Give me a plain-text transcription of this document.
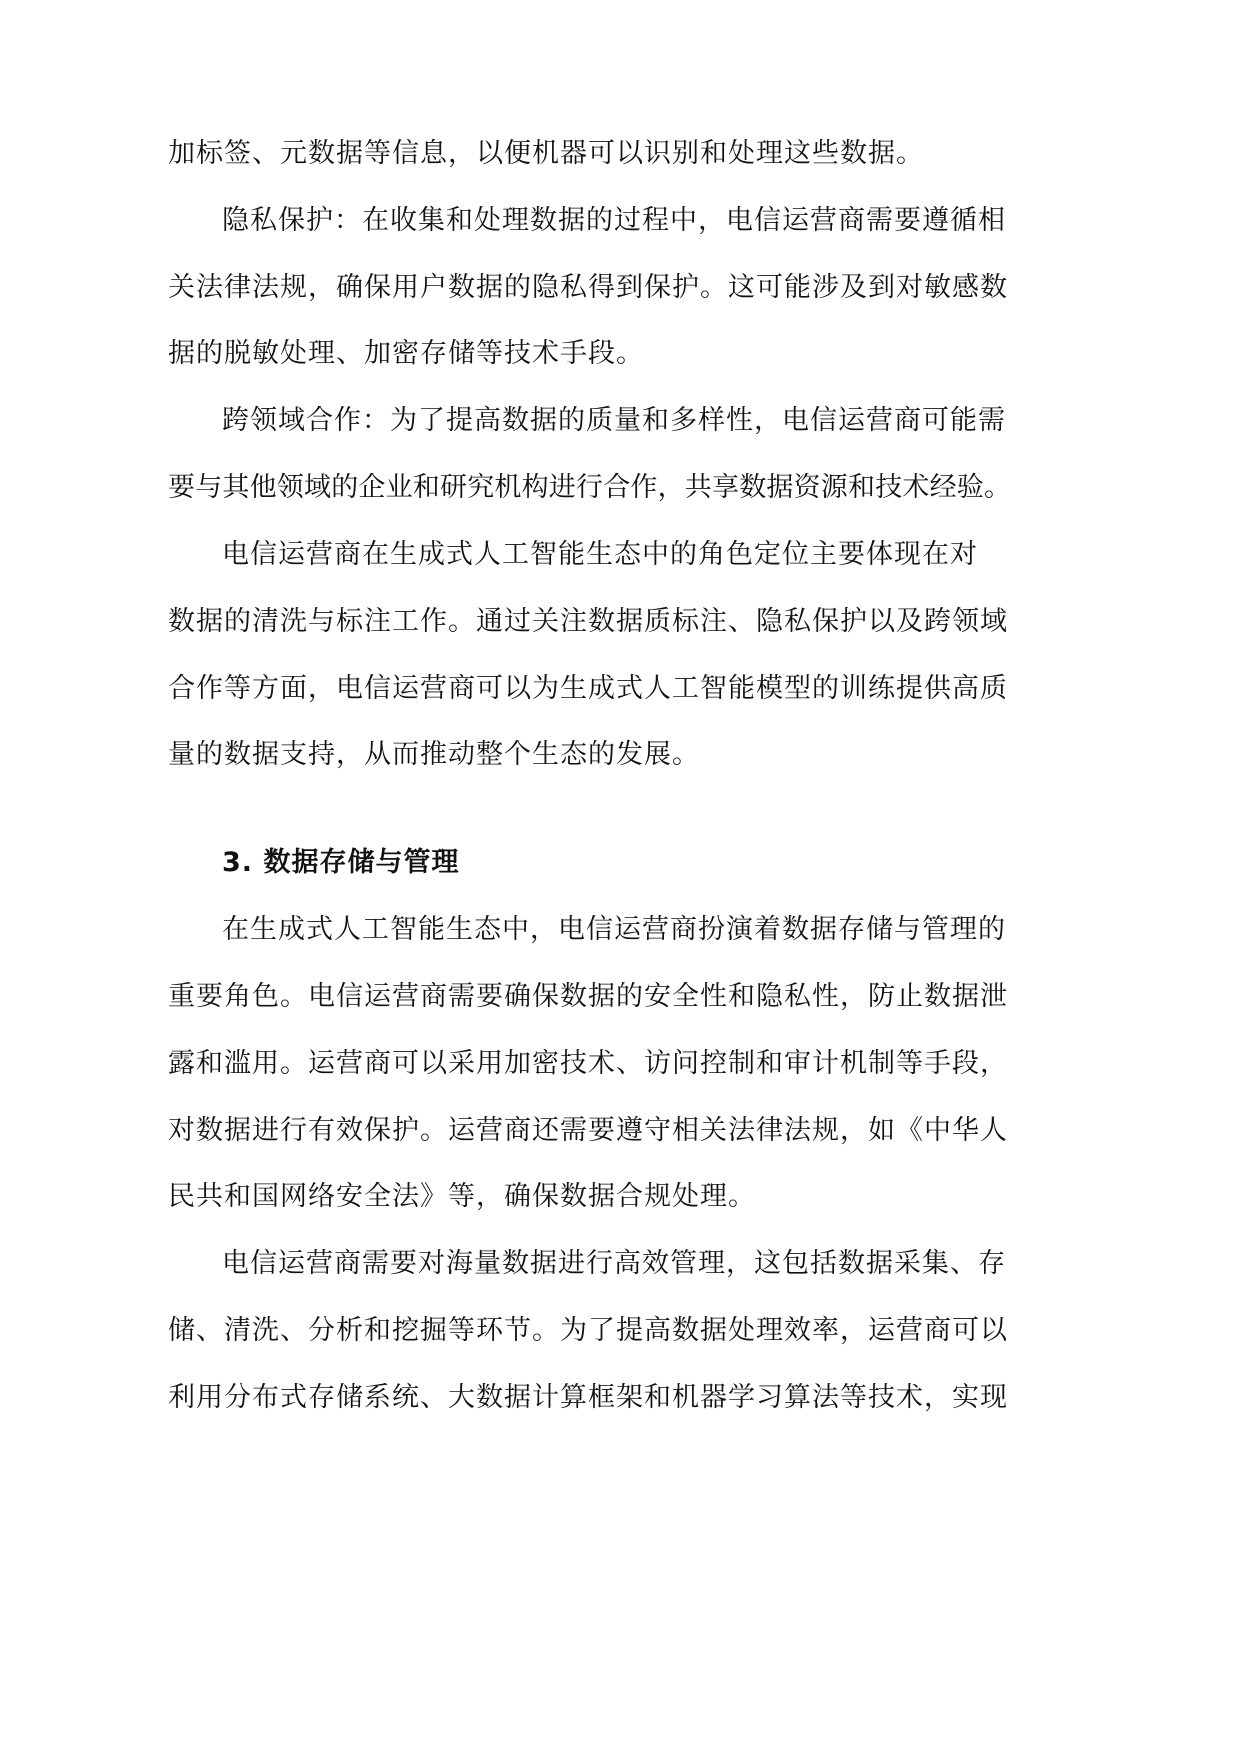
加标签、元数据等信息，以便机器可以识别和处理这些数据。
隐私保护：在收集和处理数据的过程中，电信运营商需要遵循相
关法律法规，确保用户数据的隐私得到保护。这可能涉及到对敏感数
据的脱敏处理、加密存储等技术手段。
跨领域合作：为了提高数据的质量和多样性，电信运营商可能需
要与其他领域的企业和研究机构进行合作，共享数据资源和技术经验。
电信运营商在生成式人工智能生态中的角色定位主要体现在对
数据的清洗与标注工作。通过关注数据质标注、隐私保护以及跨领域
合作等方面，电信运营商可以为生成式人工智能模型的训练提供高质
量的数据支持，从而推动整个生态的发展。
3. 数据存储与管理
在生成式人工智能生态中，电信运营商扮演着数据存储与管理的
重要角色。电信运营商需要确保数据的安全性和隐私性，防止数据泄
露和滥用。运营商可以采用加密技术、访问控制和审计机制等手段，
对数据进行有效保护。运营商还需要遵守相关法律法规，如《中华人
民共和国网络安全法》等，确保数据合规处理。
电信运营商需要对海量数据进行高效管理，这包括数据采集、存
储、清洗、分析和挖掘等环节。为了提高数据处理效率，运营商可以
利用分布式存储系统、大数据计算框架和机器学习算法等技术，实现
